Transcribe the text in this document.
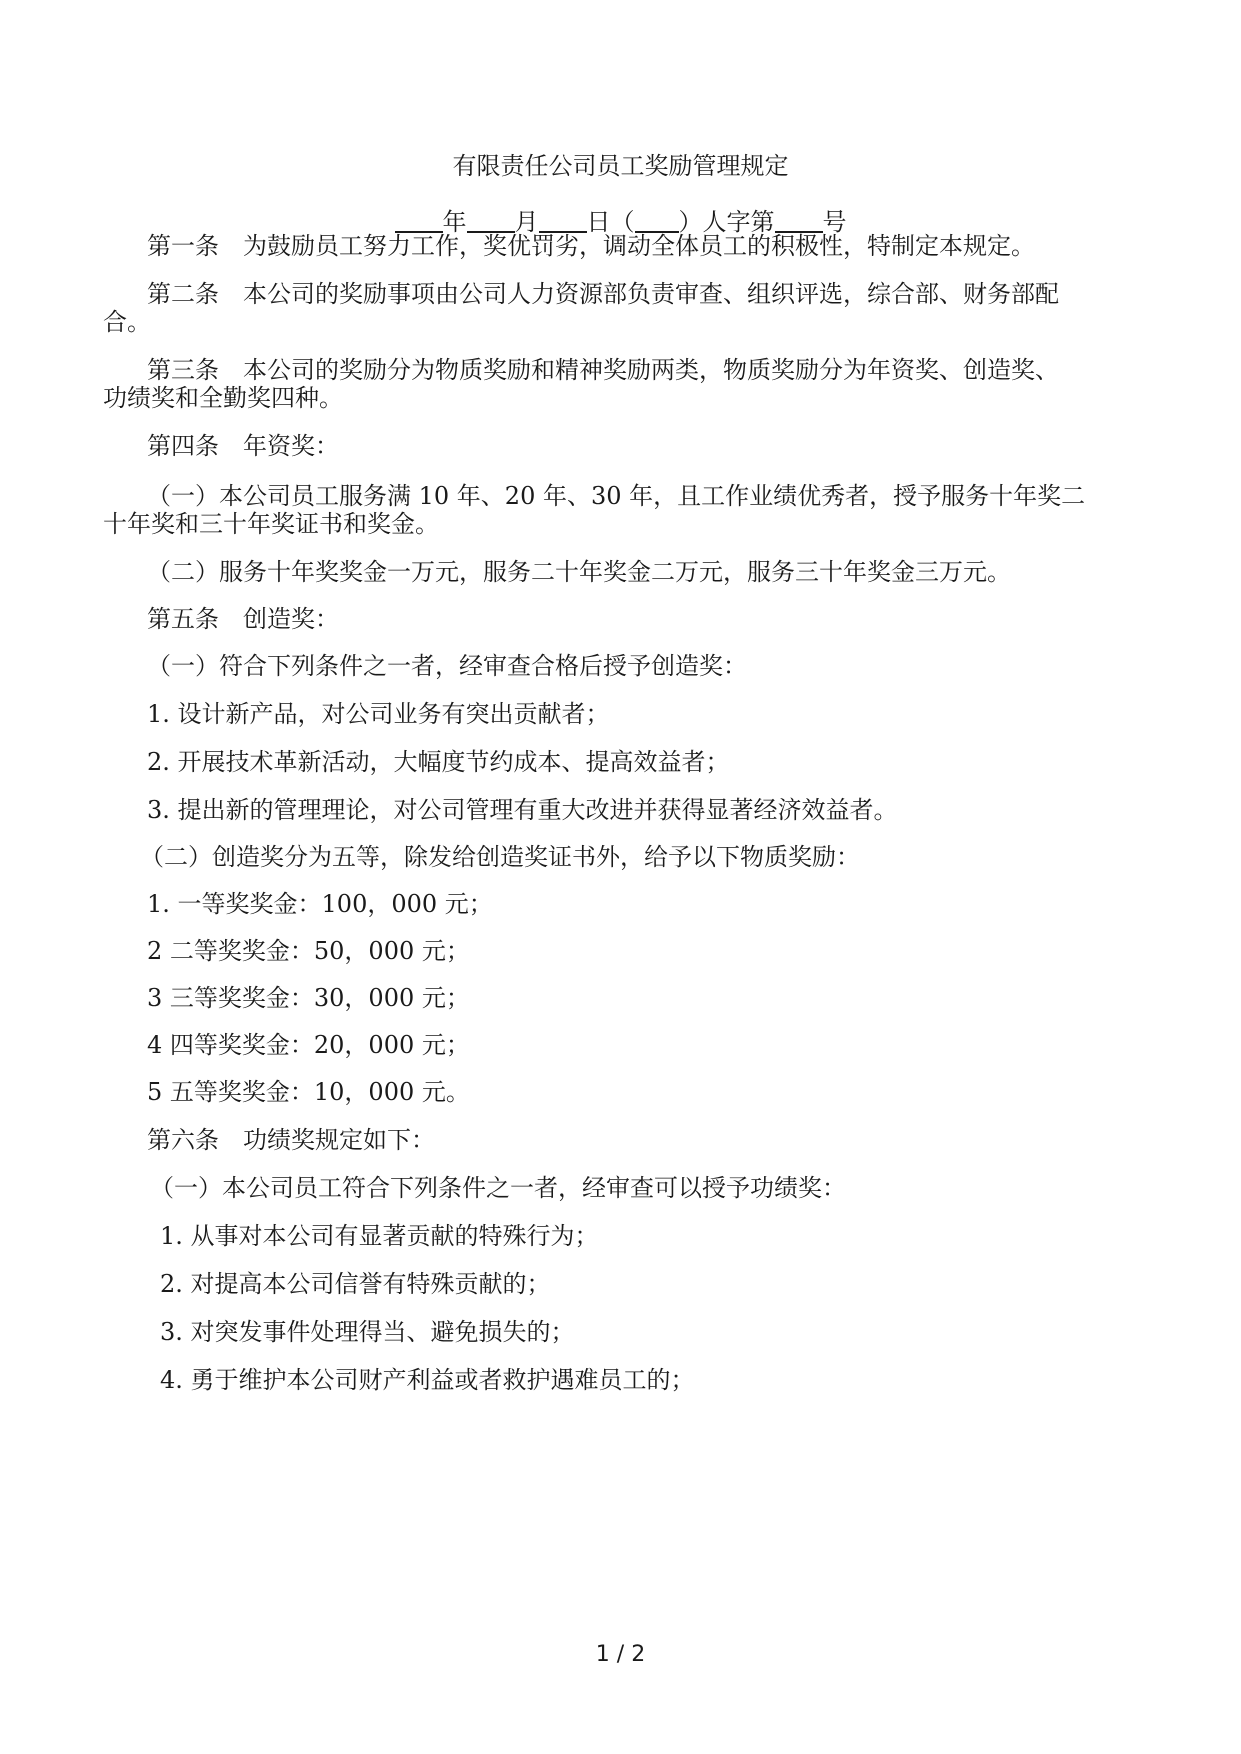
有限责任公司员工奖励管理规定
年 月 日（ ）人字第 号
第一条　为鼓励员工努力工作，奖优罚劣，调动全体员工的积极性，特制定本规定。
第二条　本公司的奖励事项由公司人力资源部负责审查、组织评选，综合部、财务部配
合。
第三条　本公司的奖励分为物质奖励和精神奖励两类，物质奖励分为年资奖、创造奖、
功绩奖和全勤奖四种。
第四条　年资奖：
（一）本公司员工服务满 10 年、20 年、30 年，且工作业绩优秀者，授予服务十年奖二
十年奖和三十年奖证书和奖金。
（二）服务十年奖奖金一万元，服务二十年奖金二万元，服务三十年奖金三万元。
第五条　创造奖：
（一）符合下列条件之一者，经审查合格后授予创造奖：
1. 设计新产品，对公司业务有突出贡献者；
2. 开展技术革新活动，大幅度节约成本、提高效益者；
3. 提出新的管理理论，对公司管理有重大改进并获得显著经济效益者。
（二）创造奖分为五等，除发给创造奖证书外，给予以下物质奖励：
1. 一等奖奖金：100，000 元；
2 二等奖奖金：50，000 元；
3 三等奖奖金：30，000 元；
4 四等奖奖金：20，000 元；
5 五等奖奖金：10，000 元。
第六条　功绩奖规定如下：
（一）本公司员工符合下列条件之一者，经审查可以授予功绩奖：
1. 从事对本公司有显著贡献的特殊行为；
2. 对提高本公司信誉有特殊贡献的；
3. 对突发事件处理得当、避免损失的；
4. 勇于维护本公司财产利益或者救护遇难员工的；
1 / 2
